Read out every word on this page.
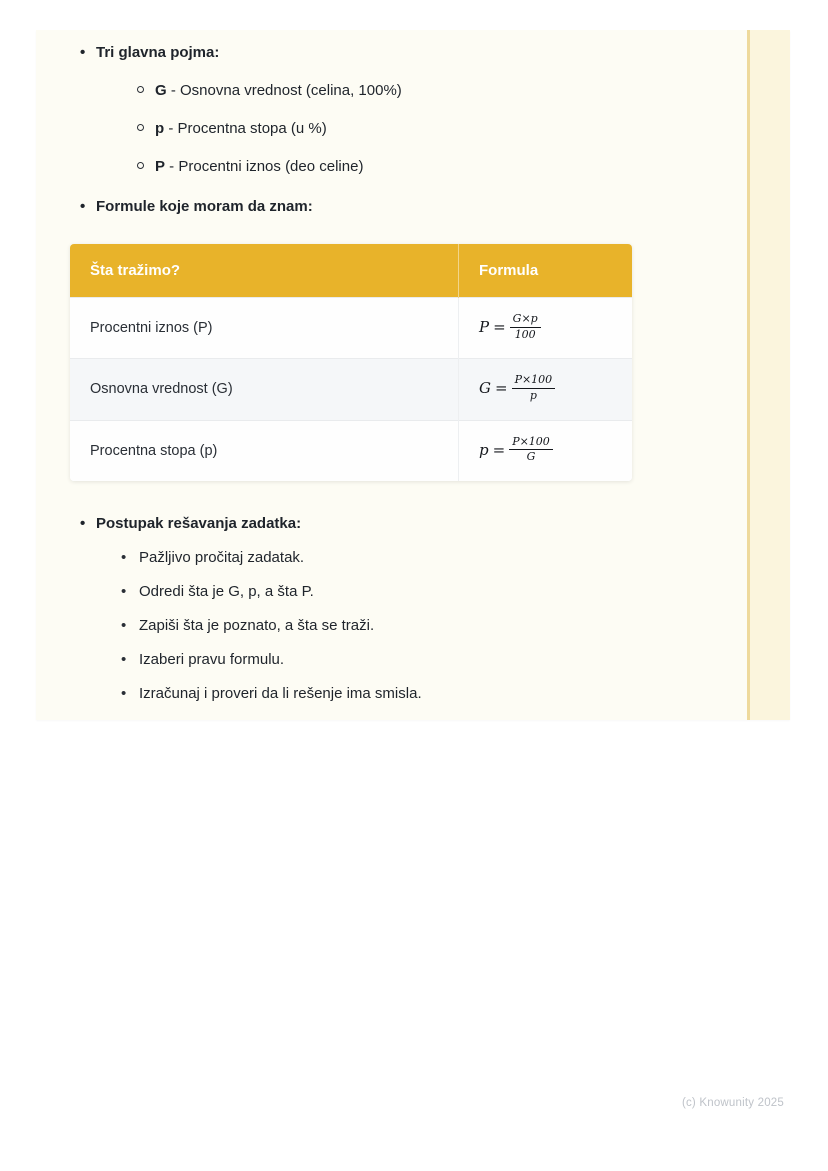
• Tri glavna pojma:
G - Osnovna vrednost (celina, 100%)
p - Procentna stopa (u %)
P - Procentni iznos (deo celine)
• Formule koje moram da znam:
Šta tražimo?	Formula
Procentni iznos (P)	$P = \frac{G\times p}{100}$

Osnovna vrednost (G)	$G = \frac{P\times 100}{p}$

Procentna stopa (p)	$p = \frac{P\times 100}{G}$
• Postupak rešavanja zadatka:
• Pažljivo pročitaj zadatak.
• Odredi šta je G, p, a šta P.
• Zapiši šta je poznato, a šta se traži.
• Izaberi pravu formulu.
• Izračunaj i proveri da li rešenje ima smisla.
(c) Knowunity 2025
